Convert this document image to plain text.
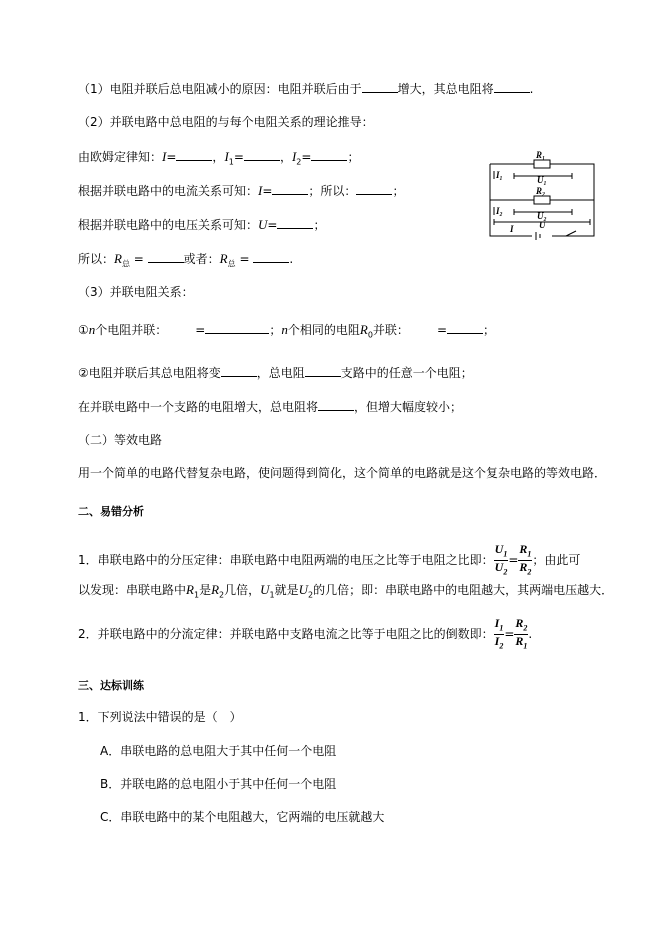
（1）电阻并联后总电阻减小的原因：电阻并联后由于	增大，其总电阻将	.
（2）并联电路中总电阻的与每个电阻关系的理论推导：
由欧姆定律知：I=	，$I_1=$	，$I_2=$	；
根据并联电路中的电流关系可知：I=	；所以：	；
根据并联电路中的电压关系可知：U=	；
所以：$R_总$ =	或者：$R_总$ =	.
R₁
R₂
I₁
I₂
U₁
U₂
I	U
（3）并联电阻关系：
①n个电阻并联： =	；n个相同的电阻$R_0$并联： =	；
②电阻并联后其总电阻将变	，总电阻	支路中的任意一个电阻；
在并联电路中一个支路的电阻增大，总电阻将	，但增大幅度较小；
（二）等效电路
用一个简单的电路代替复杂电路，使问题得到简化，这个简单的电路就是这个复杂电路的等效电路．
二、易错分析
1．串联电路中的分压定律：串联电路中电阻两端的电压之比等于电阻之比即： $\frac{U_1}{U_2} = \frac{R_1}{R_2}$ ；由此可
以发现：串联电路中$R_1$是$R_2$几倍，$U_1$就是$U_2$的几倍；即：串联电路中的电阻越大，其两端电压越大．
2．并联电路中的分流定律：并联电路中支路电流之比等于电阻之比的倒数即： $\frac{I_1}{I_2} = \frac{R_2}{R_1}$ .
三、达标训练
1．下列说法中错误的是（　）
A．串联电路的总电阻大于其中任何一个电阻
B．并联电路的总电阻小于其中任何一个电阻
C．串联电路中的某个电阻越大，它两端的电压就越大
